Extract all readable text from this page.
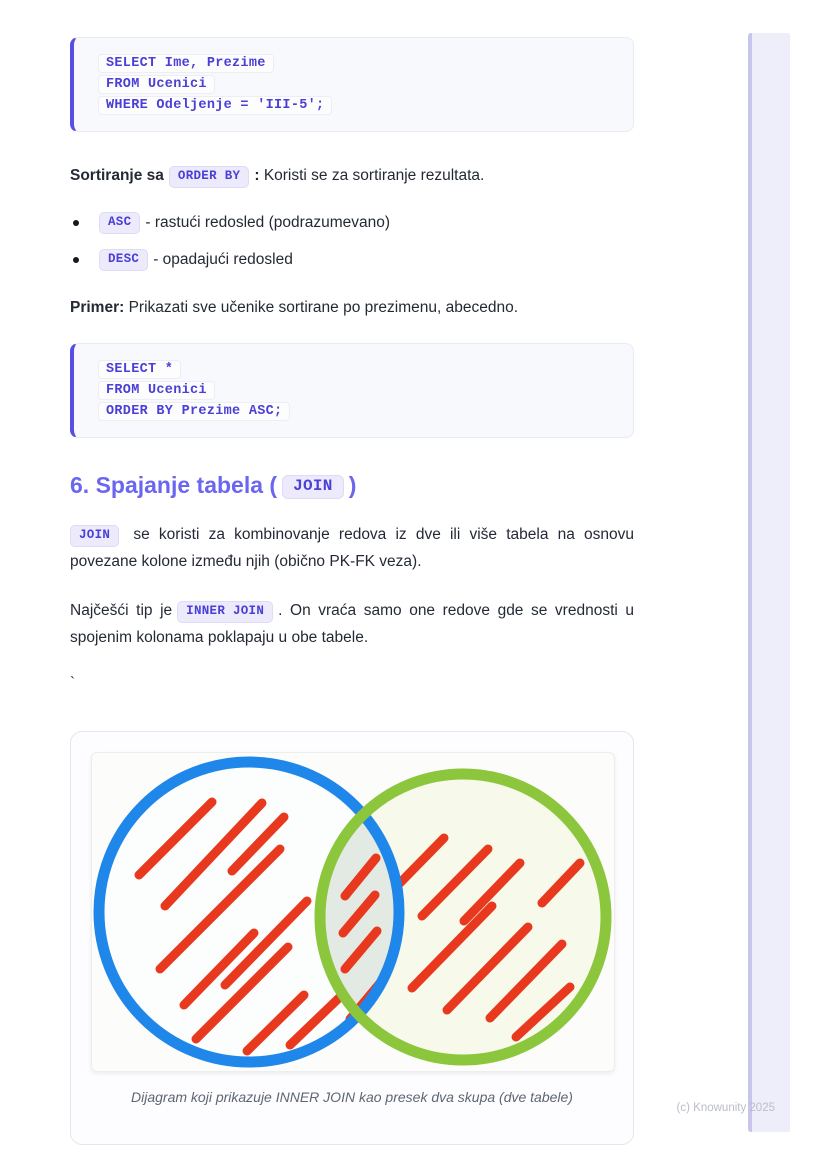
SELECT Ime, Prezime
FROM Ucenici
WHERE Odeljenje = 'III-5';

Sortiranje sa ORDER BY : Koristi se za sortiranje rezultata.

ASC - rastući redosled (podrazumevano)
DESC - opadajući redosled

Primer: Prikazati sve učenike sortirane po prezimenu, abecedno.

SELECT *
FROM Ucenici
ORDER BY Prezime ASC;
6. Spajanje tabela ( JOIN )

JOIN se koristi za kombinovanje redova iz dve ili više tabela na osnovu povezane kolone između njih (obično PK-FK veza).

Najčešći tip je INNER JOIN . On vraća samo one redove gde se vrednosti u spojenim kolonama poklapaju u obe tabele.

`
Dijagram koji prikazuje INNER JOIN kao presek dva skupa (dve tabele)
(c) Knowunity 2025
